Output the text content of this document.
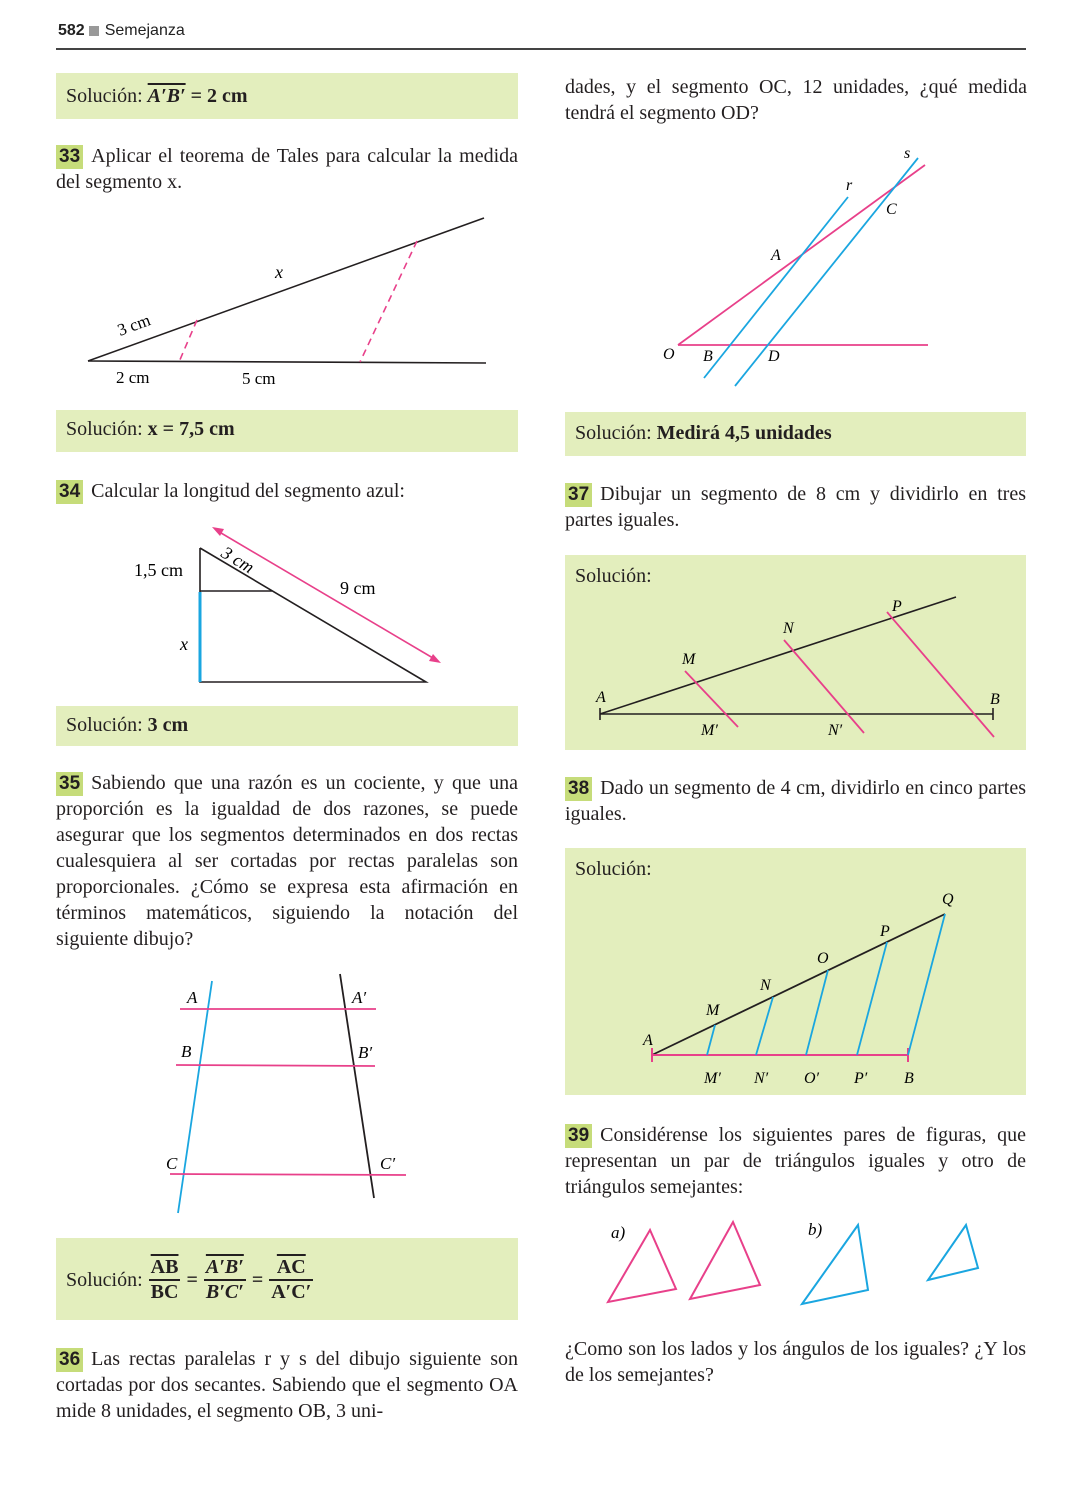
582 Semejanza
Solución: A′B′ = 2 cm
33 Aplicar el teorema de Tales para calcular la medida del segmento x.
x
3 cm
2 cm	5 cm
Solución: x = 7,5 cm
34 Calcular la longitud del segmento azul:
1,5 cm 3 cm
9 cm
x
Solución: 3 cm
35 Sabiendo que una razón es un cociente, y que una proporción es la igualdad de dos razones, se puede asegurar que los segmentos determinados en dos rectas cualesquiera al ser cortadas por rectas paralelas son proporcionales. ¿Cómo se expresa esta afirmación en términos matemáticos, siguiendo la notación del siguiente dibujo?
A
B
C
A′
B′
C′
Solución: $\frac{\overline{AB}}{BC} = \frac{A'B'}{B'C'} = \frac{\overline{AC}}{A'C'}$
36 Las rectas paralelas r y s del dibujo siguiente son cortadas por dos secantes. Sabiendo que el segmento OA mide 8 unidades, el segmento OB, 3 uni-
dades, y el segmento OC, 12 unidades, ¿qué medida tendrá el segmento OD?
s
r
C
A
O B	D
Solución: Medirá 4,5 unidades
37 Dibujar un segmento de 8 cm y dividirlo en tres partes iguales.
Solución:
P
N
M
A	B
M′	N′
38 Dado un segmento de 4 cm, dividirlo en cinco partes iguales.
Solución:
Q
P
O
N
M
A
M′ N′ O′ P′ B
39 Considérense los siguientes pares de figuras, que representan un par de triángulos iguales y otro de triángulos semejantes:
a)	b)
¿Como son los lados y los ángulos de los iguales? ¿Y los de los semejantes?
